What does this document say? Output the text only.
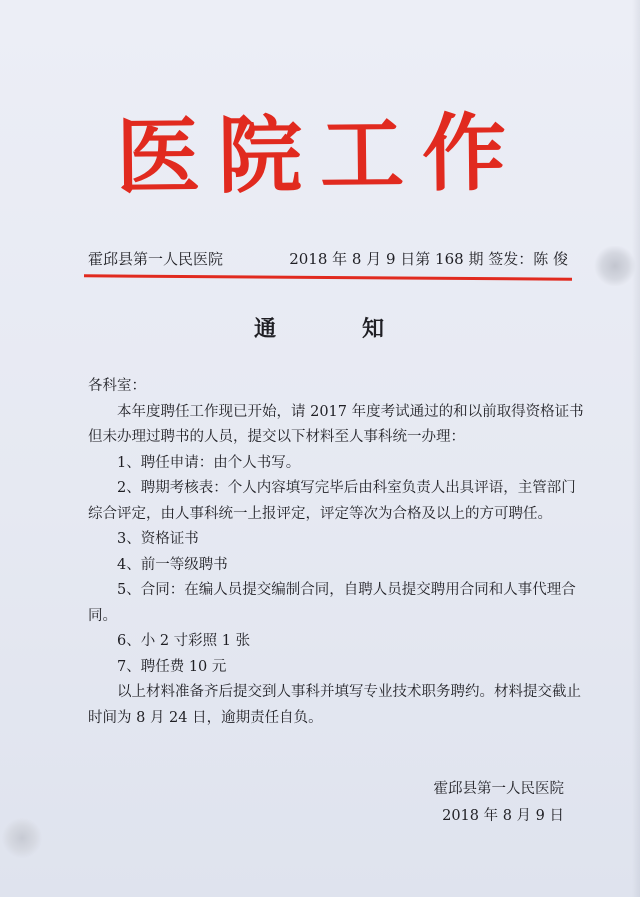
医院工作
霍邱县第一人民医院	2018 年 8 月 9 日第 168 期 签发：陈 俊
通	知

各科室：

本年度聘任工作现已开始，请 2017 年度考试通过的和以前取得资格证书但未办理过聘书的人员，提交以下材料至人事科统一办理：

1、聘任申请：由个人书写。

2、聘期考核表：个人内容填写完毕后由科室负责人出具评语，主管部门综合评定，由人事科统一上报评定，评定等次为合格及以上的方可聘任。

3、资格证书

4、前一等级聘书

5、合同：在编人员提交编制合同，自聘人员提交聘用合同和人事代理合同。

6、小 2 寸彩照 1 张

7、聘任费 10 元

以上材料准备齐后提交到人事科并填写专业技术职务聘约。材料提交截止时间为 8 月 24 日，逾期责任自负。

霍邱县第一人民医院
2018 年 8 月 9 日
